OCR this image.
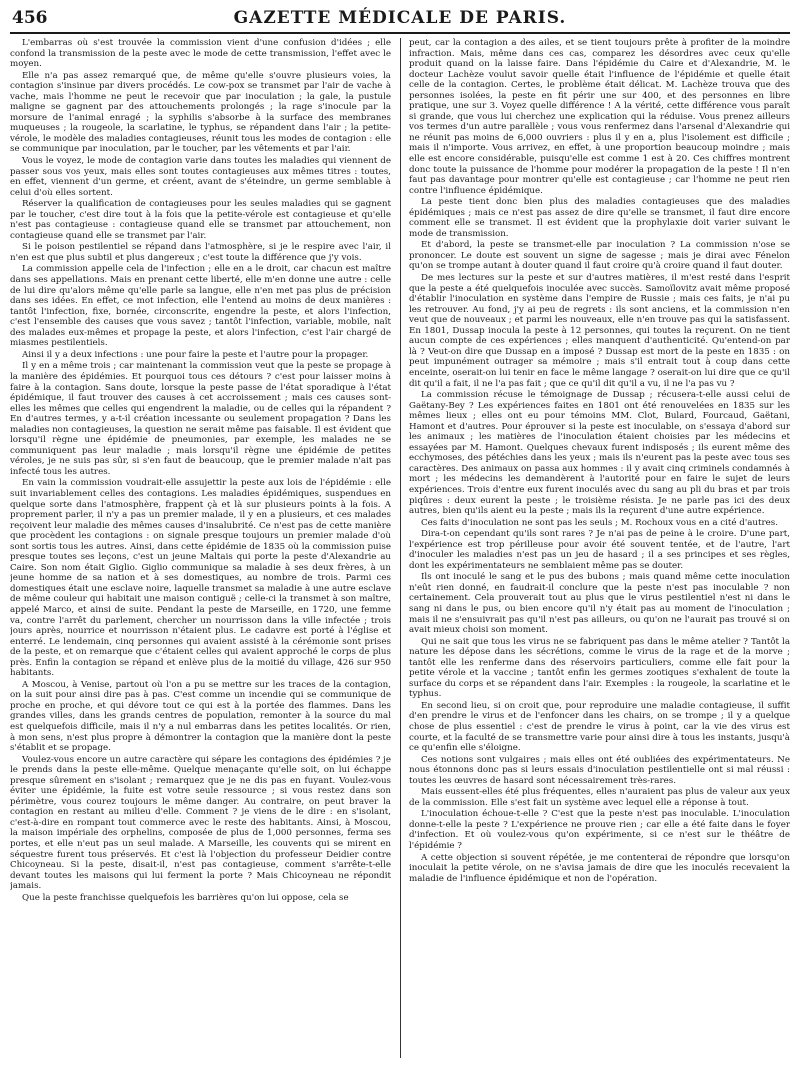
456	GAZETTE MÉDICALE DE PARIS.

L'embarras où s'est trouvée la commission vient d'une confusion d'idées ; elle confond la transmission de la peste avec le mode de cette transmission, l'effet avec le moyen.

Elle n'a pas assez remarqué que, de même qu'elle s'ouvre plusieurs voies, la contagion s'insinue par divers procédés. Le cow-pox se transmet par l'air de vache à vache, mais l'homme ne peut le recevoir que par inoculation ; la gale, la pustule maligne se gagnent par des attouchements prolongés ; la rage s'inocule par la morsure de l'animal enragé ; la syphilis s'absorbe à la surface des membranes muqueuses ; la rougeole, la scarlatine, le typhus, se répandent dans l'air ; la petite-vérole, le modèle des maladies contagieuses, réunit tous les modes de contagion : elle se communique par inoculation, par le toucher, par les vêtements et par l'air.

Vous le voyez, le mode de contagion varie dans toutes les maladies qui viennent de passer sous vos yeux, mais elles sont toutes contagieuses aux mêmes titres : toutes, en effet, viennent d'un germe, et créent, avant de s'éteindre, un germe semblable à celui d'où elles sortent.

Réserver la qualification de contagieuses pour les seules maladies qui se gagnent par le toucher, c'est dire tout à la fois que la petite-vérole est contagieuse et qu'elle n'est pas contagieuse : contagieuse quand elle se transmet par attouchement, non contagieuse quand elle se transmet par l'air.

Si le poison pestilentiel se répand dans l'atmosphère, si je le respire avec l'air, il n'en est que plus subtil et plus dangereux ; c'est toute la différence que j'y vois.

La commission appelle cela de l'infection ; elle en a le droit, car chacun est maître dans ses appellations. Mais en prenant cette liberté, elle m'en donne une autre : celle de lui dire qu'alors même qu'elle parle sa langue, elle n'en met pas plus de précision dans ses idées. En effet, ce mot infection, elle l'entend au moins de deux manières : tantôt l'infection, fixe, bornée, circonscrite, engendre la peste, et alors l'infection, c'est l'ensemble des causes que vous savez ; tantôt l'infection, variable, mobile, naît des malades eux-mêmes et propage la peste, et alors l'infection, c'est l'air chargé de miasmes pestilentiels.

Ainsi il y a deux infections : une pour faire la peste et l'autre pour la propager.

Il y en a même trois ; car maintenant la commission veut que la peste se propage à la manière des épidémies. Et pourquoi tous ces détours ? c'est pour laisser moins à faire à la contagion. Sans doute, lorsque la peste passe de l'état sporadique à l'état épidémique, il faut trouver des causes à cet accroissement ; mais ces causes sont-elles les mêmes que celles qui engendrent la maladie, ou de celles qui la répandent ? En d'autres termes, y a-t-il création incessante ou seulement propagation ? Dans les maladies non contagieuses, la question ne serait même pas faisable. Il est évident que lorsqu'il règne une épidémie de pneumonies, par exemple, les malades ne se communiquent pas leur maladie ; mais lorsqu'il règne une épidémie de petites véroles, je ne suis pas sûr, si s'en faut de beaucoup, que le premier malade n'ait pas infecté tous les autres.

En vain la commission voudrait-elle assujettir la peste aux lois de l'épidémie : elle suit invariablement celles des contagions. Les maladies épidémiques, suspendues en quelque sorte dans l'atmosphère, frappent çà et là sur plusieurs points à la fois. A proprement parler, il n'y a pas un premier malade, il y en a plusieurs, et ces malades reçoivent leur maladie des mêmes causes d'insalubrité. Ce n'est pas de cette manière que procèdent les contagions : on signale presque toujours un premier malade d'où sont sortis tous les autres. Ainsi, dans cette épidémie de 1835 où la commission puise presque toutes ses leçons, c'est un jeune Maltais qui porte la peste d'Alexandrie au Caire. Son nom était Giglio. Giglio communique sa maladie à ses deux frères, à un jeune homme de sa nation et à ses domestiques, au nombre de trois. Parmi ces domestiques était une esclave noire, laquelle transmet sa maladie à une autre esclave de même couleur qui habitait une maison contiguë ; celle-ci la transmet à son maître, appelé Marco, et ainsi de suite. Pendant la peste de Marseille, en 1720, une femme va, contre l'arrêt du parlement, chercher un nourrisson dans la ville infectée ; trois jours après, nourrice et nourrisson n'étaient plus. Le cadavre est porté à l'église et enterré. Le lendemain, cinq personnes qui avaient assisté à la cérémonie sont prises de la peste, et on remarque que c'étaient celles qui avaient approché le corps de plus près. Enfin la contagion se répand et enlève plus de la moitié du village, 426 sur 950 habitants.

A Moscou, à Venise, partout où l'on a pu se mettre sur les traces de la contagion, on la suit pour ainsi dire pas à pas. C'est comme un incendie qui se communique de proche en proche, et qui dévore tout ce qui est à la portée des flammes. Dans les grandes villes, dans les grands centres de population, remonter à la source du mal est quelquefois difficile, mais il n'y a nul embarras dans les petites localités. Or rien, à mon sens, n'est plus propre à démontrer la contagion que la manière dont la peste s'établit et se propage.

Voulez-vous encore un autre caractère qui sépare les contagions des épidémies ? je le prends dans la peste elle-même. Quelque menaçante qu'elle soit, on lui échappe presque sûrement en s'isolant ; remarquez que je ne dis pas en fuyant. Voulez-vous éviter une épidémie, la fuite est votre seule ressource ; si vous restez dans son périmètre, vous courez toujours le même danger. Au contraire, on peut braver la contagion en restant au milieu d'elle. Comment ? je viens de le dire : en s'isolant, c'est-à-dire en rompant tout commerce avec le reste des habitants. Ainsi, à Moscou, la maison impériale des orphelins, composée de plus de 1,000 personnes, ferma ses portes, et elle n'eut pas un seul malade. A Marseille, les couvents qui se mirent en séquestre furent tous préservés. Et c'est là l'objection du professeur Deidier contre Chicoyneau. Si la peste, disait-il, n'est pas contagieuse, comment s'arrête-t-elle devant toutes les maisons qui lui ferment la porte ? Mais Chicoyneau ne répondit jamais.

Que la peste franchisse quelquefois les barrières qu'on lui oppose, cela se

peut, car la contagion a des ailes, et se tient toujours prête à profiter de la moindre infraction. Mais, même dans ces cas, comparez les désordres avec ceux qu'elle produit quand on la laisse faire. Dans l'épidémie du Caire et d'Alexandrie, M. le docteur Lachèze voulut savoir quelle était l'influence de l'épidémie et quelle était celle de la contagion. Certes, le problème était délicat. M. Lachèze trouva que des personnes isolées, la peste en fit périr une sur 400, et des personnes en libre pratique, une sur 3. Voyez quelle différence ! A la vérité, cette différence vous paraît si grande, que vous lui cherchez une explication qui la réduise. Vous prenez ailleurs vos termes d'un autre parallèle ; vous vous renfermez dans l'arsenal d'Alexandrie qui ne réunit pas moins de 6,000 ouvriers : plus il y en a, plus l'isolement est difficile ; mais il n'importe. Vous arrivez, en effet, à une proportion beaucoup moindre ; mais elle est encore considérable, puisqu'elle est comme 1 est à 20. Ces chiffres montrent donc toute la puissance de l'homme pour modérer la propagation de la peste ! Il n'en faut pas davantage pour montrer qu'elle est contagieuse ; car l'homme ne peut rien contre l'influence épidémique.

La peste tient donc bien plus des maladies contagieuses que des maladies épidémiques ; mais ce n'est pas assez de dire qu'elle se transmet, il faut dire encore comment elle se transmet. Il est évident que la prophylaxie doit varier suivant le mode de transmission.

Et d'abord, la peste se transmet-elle par inoculation ? La commission n'ose se prononcer. Le doute est souvent un signe de sagesse ; mais je dirai avec Fénelon qu'on se trompe autant à douter quand il faut croire qu'à croire quand il faut douter.

De mes lectures sur la peste et sur d'autres matières, il m'est resté dans l'esprit que la peste a été quelquefois inoculée avec succès. Samoïlovitz avait même proposé d'établir l'inoculation en système dans l'empire de Russie ; mais ces faits, je n'ai pu les retrouver. Au fond, j'y ai peu de regrets : ils sont anciens, et la commission n'en veut que de nouveaux ; et parmi les nouveaux, elle n'en trouve pas qui la satisfassent. En 1801, Dussap inocula la peste à 12 personnes, qui toutes la reçurent. On ne tient aucun compte de ces expériences ; elles manquent d'authenticité. Qu'entend-on par là ? Veut-on dire que Dussap en a imposé ? Dussap est mort de la peste en 1835 : on peut impunément outrager sa mémoire ; mais s'il entrait tout à coup dans cette enceinte, oserait-on lui tenir en face le même langage ? oserait-on lui dire que ce qu'il dit qu'il a fait, il ne l'a pas fait ; que ce qu'il dit qu'il a vu, il ne l'a pas vu ?

La commission récuse le témoignage de Dussap ; récusera-t-elle aussi celui de Gaëtany-Bey ? Les expériences faites en 1801 ont été renouvelées en 1835 sur les mêmes lieux ; elles ont eu pour témoins MM. Clot, Bulard, Fourcaud, Gaëtani, Hamont et d'autres. Pour éprouver si la peste est inoculable, on s'essaya d'abord sur les animaux ; les matières de l'inoculation étaient choisies par les médecins et essayées par M. Hamont. Quelques chevaux furent indisposés ; ils eurent même des ecchymoses, des pétéchies dans les yeux ; mais ils n'eurent pas la peste avec tous ses caractères. Des animaux on passa aux hommes : il y avait cinq criminels condamnés à mort ; les médecins les demandèrent à l'autorité pour en faire le sujet de leurs expériences. Trois d'entre eux furent inoculés avec du sang au pli du bras et par trois piqûres : deux eurent la peste ; le troisième résista. Je ne parle pas ici des deux autres, bien qu'ils aient eu la peste ; mais ils la reçurent d'une autre expérience.

Ces faits d'inoculation ne sont pas les seuls ; M. Rochoux vous en a cité d'autres.

Dira-t-on cependant qu'ils sont rares ? Je n'ai pas de peine à le croire. D'une part, l'expérience est trop périlleuse pour avoir été souvent tentée, et de l'autre, l'art d'inoculer les maladies n'est pas un jeu de hasard ; il a ses principes et ses règles, dont les expérimentateurs ne semblaient même pas se douter.

Ils ont inoculé le sang et le pus des bubons ; mais quand même cette inoculation n'eût rien donné, en faudrait-il conclure que la peste n'est pas inoculable ? non certainement. Cela prouverait tout au plus que le virus pestilentiel n'est ni dans le sang ni dans le pus, ou bien encore qu'il n'y était pas au moment de l'inoculation ; mais il ne s'ensuivrait pas qu'il n'est pas ailleurs, ou qu'on ne l'aurait pas trouvé si on avait mieux choisi son moment.

Qui ne sait que tous les virus ne se fabriquent pas dans le même atelier ? Tantôt la nature les dépose dans les sécrétions, comme le virus de la rage et de la morve ; tantôt elle les renferme dans des réservoirs particuliers, comme elle fait pour la petite vérole et la vaccine ; tantôt enfin les germes zootiques s'exhalent de toute la surface du corps et se répandent dans l'air. Exemples : la rougeole, la scarlatine et le typhus.

En second lieu, si on croit que, pour reproduire une maladie contagieuse, il suffit d'en prendre le virus et de l'enfoncer dans les chairs, on se trompe ; il y a quelque chose de plus essentiel : c'est de prendre le virus à point, car la vie des virus est courte, et la faculté de se transmettre varie pour ainsi dire à tous les instants, jusqu'à ce qu'enfin elle s'éloigne.

Ces notions sont vulgaires ; mais elles ont été oubliées des expérimentateurs. Ne nous étonnons donc pas si leurs essais d'inoculation pestilentielle ont si mal réussi : toutes les œuvres de hasard sont nécessairement très-rares.

Mais eussent-elles été plus fréquentes, elles n'auraient pas plus de valeur aux yeux de la commission. Elle s'est fait un système avec lequel elle a réponse à tout.

L'inoculation échoue-t-elle ? C'est que la peste n'est pas inoculable. L'inoculation donne-t-elle la peste ? L'expérience ne prouve rien ; car elle a été faite dans le foyer d'infection. Et où voulez-vous qu'on expérimente, si ce n'est sur le théâtre de l'épidémie ?

A cette objection si souvent répétée, je me contenterai de répondre que lorsqu'on inoculait la petite vérole, on ne s'avisa jamais de dire que les inoculés recevaient la maladie de l'influence épidémique et non de l'opération.
